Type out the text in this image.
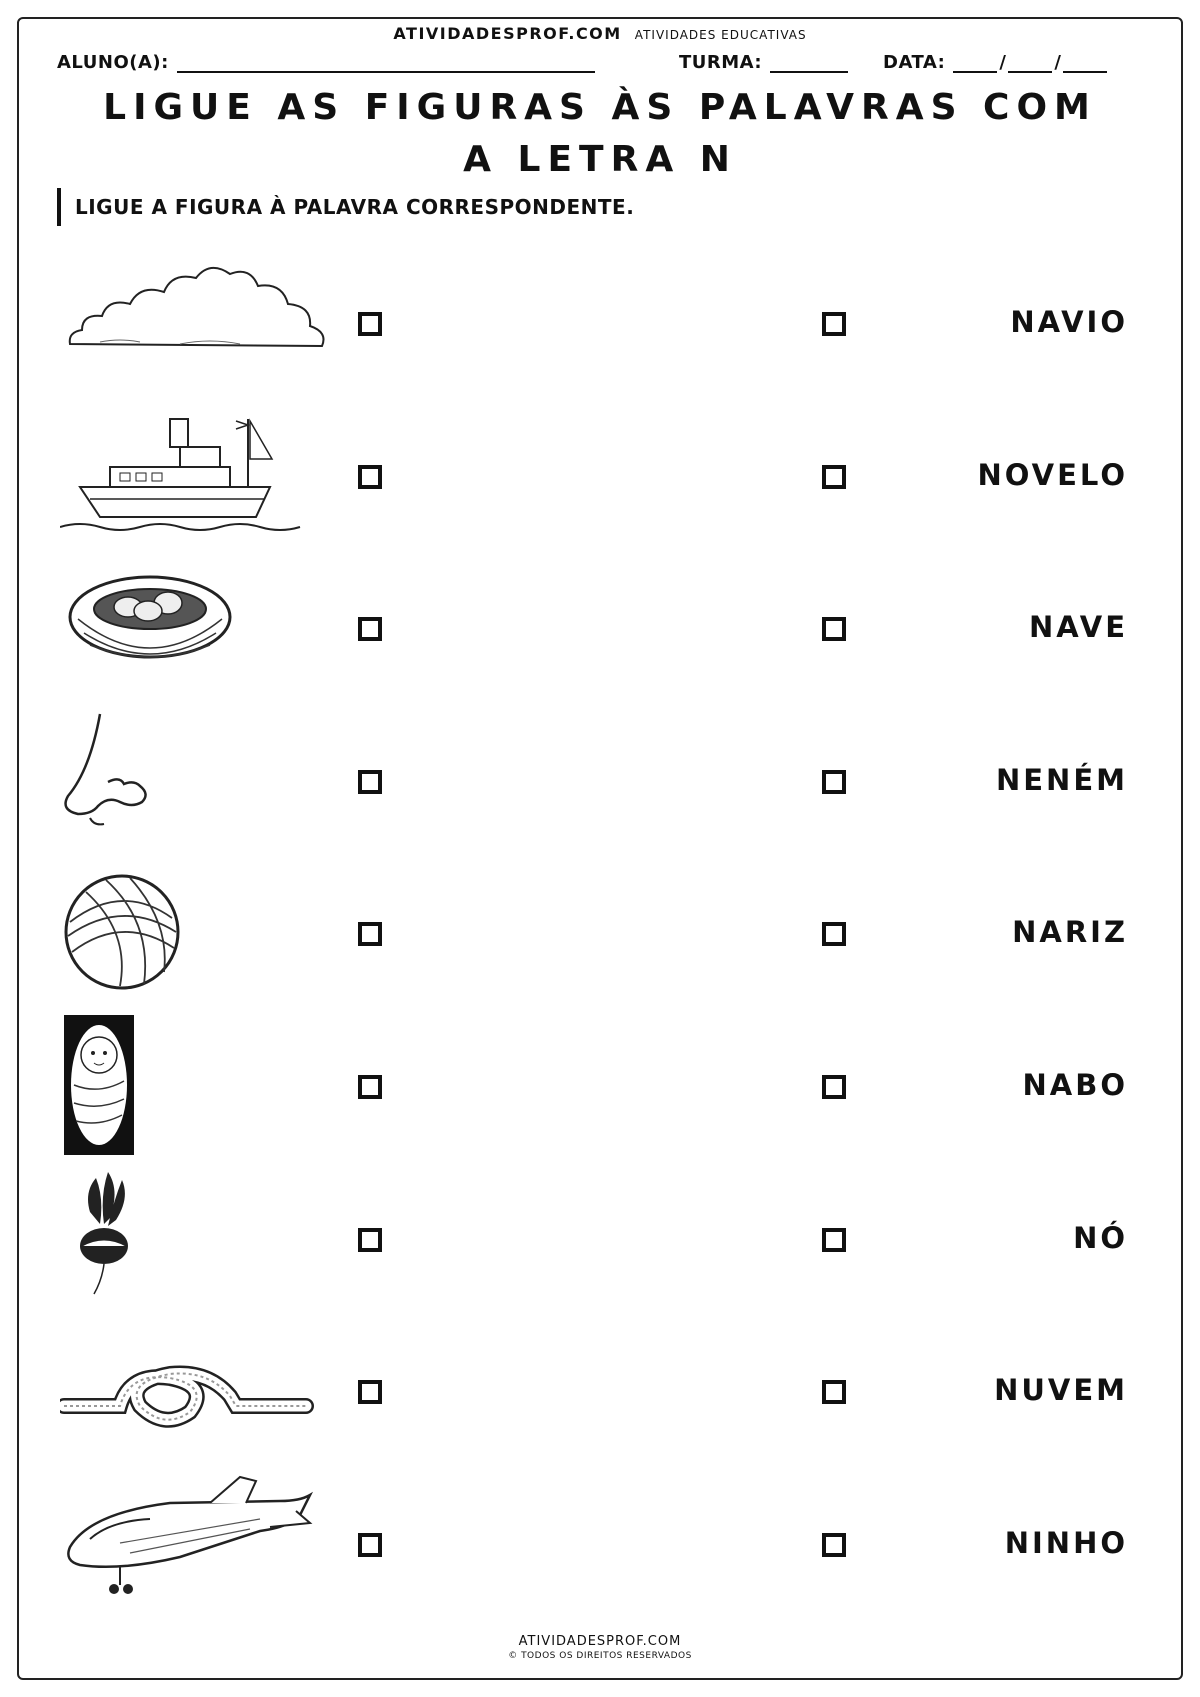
ATIVIDADESPROF.COM ATIVIDADES EDUCATIVAS
ALUNO(A):	TURMA:	DATA:	/	/
LIGUE AS FIGURAS ÀS PALAVRAS COM A LETRA N
LIGUE A FIGURA À PALAVRA CORRESPONDENTE.
NAVIO
NOVELO
NAVE
NENÉM
NARIZ
NABO
NÓ
NUVEM
NINHO
ATIVIDADESPROF.COM
© TODOS OS DIREITOS RESERVADOS
